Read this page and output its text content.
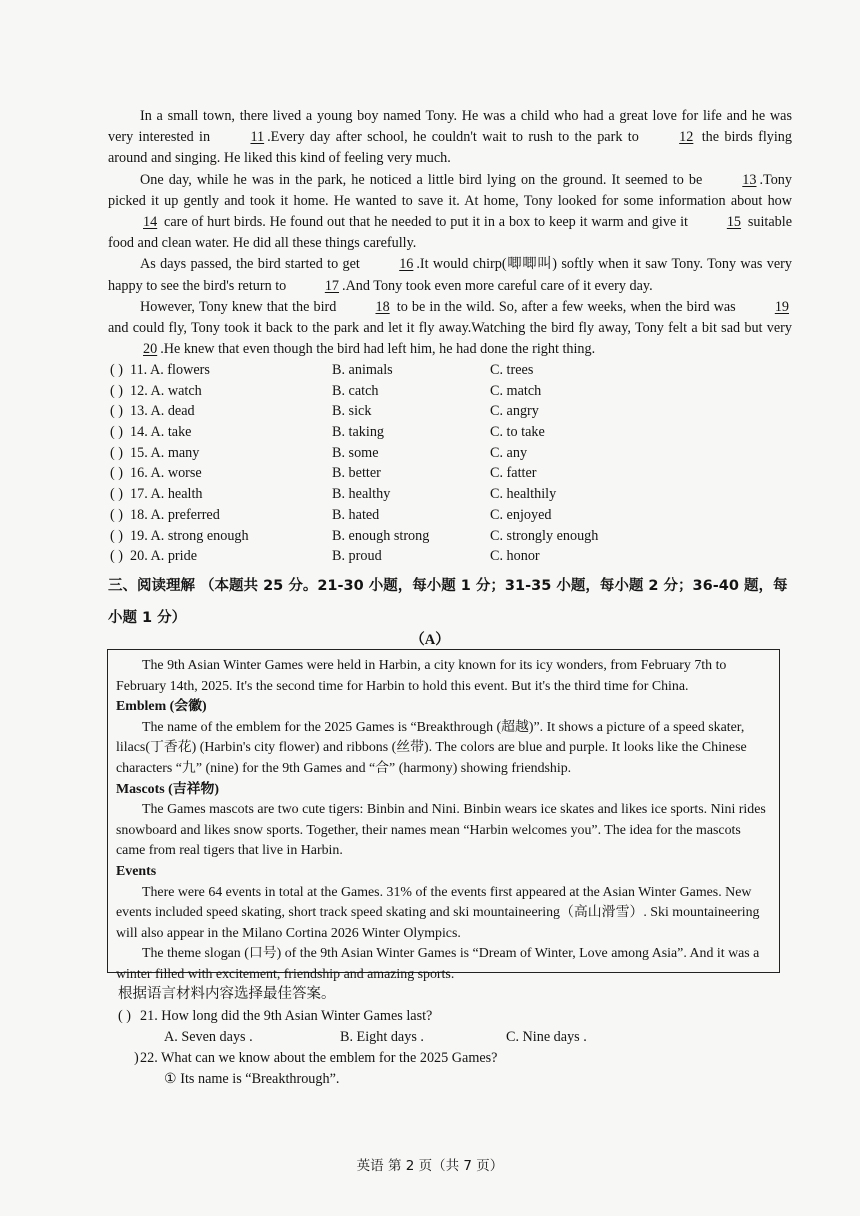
In a small town, there lived a young boy named Tony. He was a child who had a great love for life and he was very interested in 11 .Every day after school, he couldn't wait to rush to the park to 12 the birds flying around and singing. He liked this kind of feeling very much.

One day, while he was in the park, he noticed a little bird lying on the ground. It seemed to be 13 .Tony picked it up gently and took it home. He wanted to save it. At home, Tony looked for some information about how 14 care of hurt birds. He found out that he needed to put it in a box to keep it warm and give it 15 suitable food and clean water. He did all these things carefully.

As days passed, the bird started to get 16 .It would chirp(唧唧叫) softly when it saw Tony. Tony was very happy to see the bird's return to 17 .And Tony took even more careful care of it every day.

However, Tony knew that the bird 18 to be in the wild. So, after a few weeks, when the bird was 19 and could fly, Tony took it back to the park and let it fly away.Watching the bird fly away, Tony felt a bit sad but very 20 .He knew that even though the bird had left him, he had done the right thing.

( ) 11. A. flowers	B. animals	C. trees
( ) 12. A. watch	B. catch	C. match
( ) 13. A. dead	B. sick	C. angry
( ) 14. A. take	B. taking	C. to take
( ) 15. A. many	B. some	C. any
( ) 16. A. worse	B. better	C. fatter
( ) 17. A. health	B. healthy	C. healthily
( ) 18. A. preferred	B. hated	C. enjoyed
( ) 19. A. strong enough	B. enough strong	C. strongly enough
( ) 20. A. pride	B. proud	C. honor
三、阅读理解 （本题共 25 分。21-30 小题，每小题 1 分；31-35 小题，每小题 2 分；36-40 题，每小题 1 分）
（A）

The 9th Asian Winter Games were held in Harbin, a city known for its icy wonders, from February 7th to February 14th, 2025. It's the second time for Harbin to hold this event. But it's the third time for China.

Emblem (会徽)

The name of the emblem for the 2025 Games is “Breakthrough (超越)”. It shows a picture of a speed skater, lilacs(丁香花) (Harbin's city flower) and ribbons (丝带). The colors are blue and purple. It looks like the Chinese characters “九” (nine) for the 9th Games and “合” (harmony) showing friendship.

Mascots (吉祥物)

The Games mascots are two cute tigers: Binbin and Nini. Binbin wears ice skates and likes ice sports. Nini rides snowboard and likes snow sports. Together, their names mean “Harbin welcomes you”. The idea for the mascots came from real tigers that live in Harbin.

Events

There were 64 events in total at the Games. 31% of the events first appeared at the Asian Winter Games. New events included speed skating, short track speed skating and ski mountaineering（高山滑雪）. Ski mountaineering will also appear in the Milano Cortina 2026 Winter Olympics.

The theme slogan (口号) of the 9th Asian Winter Games is “Dream of Winter, Love among Asia”. And it was a winter filled with excitement, friendship and amazing sports.

根据语言材料内容选择最佳答案。
( ) 21. How long did the 9th Asian Winter Games last?
A. Seven days .	B. Eight days .	C. Nine days .
) 22. What can we know about the emblem for the 2025 Games?
① Its name is “Breakthrough”.
英语 第 2 页（共 7 页）
